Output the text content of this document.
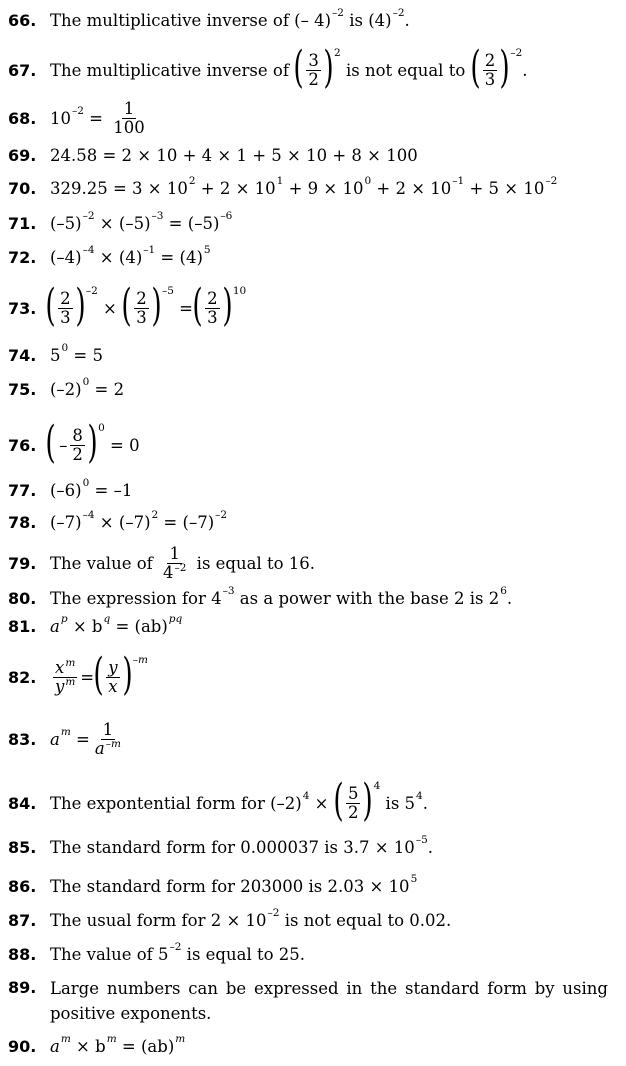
66. The multiplicative inverse of (– 4)$^{-2}$ is $(4)^{-2}$ .
67. The multiplicative inverse of ( $\frac{3}{2} )^2$
is not equal to ( $\frac{2}{3} )^{-2}$
.
68. $10^{-2} = \frac{1}{100}$
69. 24.58 = 2 × 10 + 4 × 1 + 5 × 10 + 8 × 100
70. $329.25 = 3 \times 10^2 + 2 \times 10^1 + 9 \times 10^0 + 2 \times 10^{-1} + 5 \times 10^{-2}$
71. $(-5)^{-2} \times (-5)^{-3} = (-5)^{-6}$
72. $(-4)^{-4} \times (4)^{-1} = (4)^5$
73. ( $\frac{2}{3} )^{-2}$
× ( $\frac{2}{3} )^{-5}$
= ( $\frac{2}{3} )^{10}$
74. $5^0 = 5$
75. $(-2)^0 = 2$
76. ( – $\frac{8}{2} )^0$
= 0
77. $(-6)^0 = -1$
78. $(-7)^{-4} \times (-7)^2 = (-7)^{-2}$
79. The value of $\frac{1}{4^{-2}}$ is equal to 16.
80. The expression for $4^{-3}$ as a power with the base 2 is $2^6$ .
81. $a^p \times b^q = (ab)^{pq}$
82. $\frac{x^m}{y^m}$ = ( $\frac{y}{x} )^{-m}$
83. $a^m = \frac{1}{a^{-m}}$
84. The expontential form for $(-2)^4$ × ( $\frac{5}{2} )^4$
is $5^4$ .
85. The standard form for 0.000037 is $3.7 \times 10^{-5}$ .
86. The standard form for 203000 is $2.03 \times 10^5$
87. The usual form for $2 \times 10^{-2}$ is not equal to 0.02.
88. The value of $5^{-2}$ is equal to 25.
89. Large numbers can be expressed in the standard form by using positive exponents.
90. $a^m \times b^m = (ab)^m$
